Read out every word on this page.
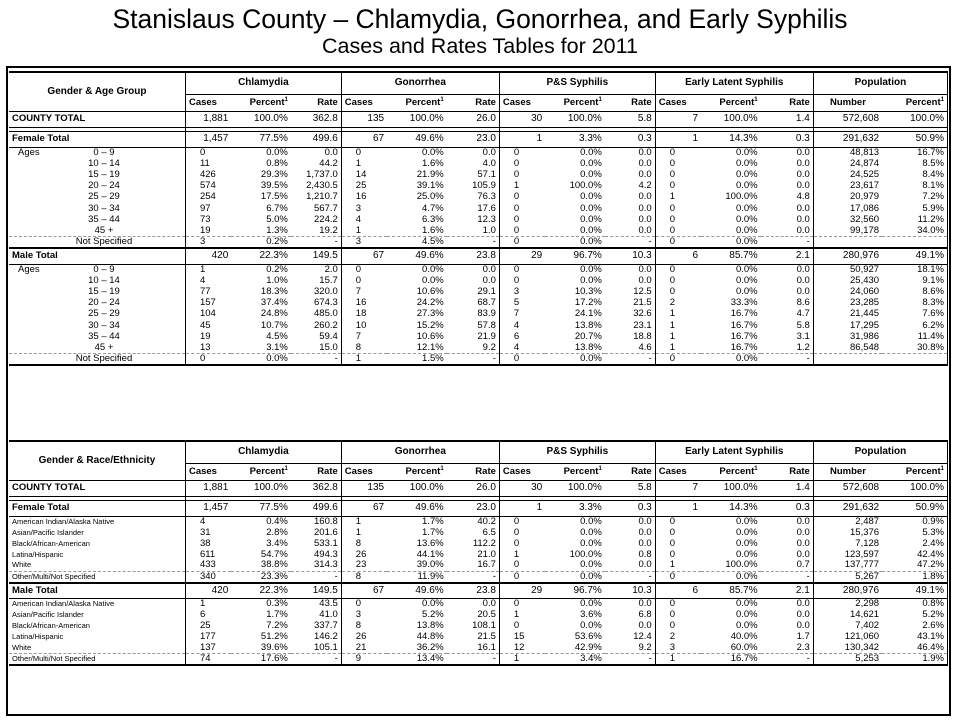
Stanislaus County – Chlamydia, Gonorrhea, and Early Syphilis
Cases and Rates Tables for 2011
Gender & Age Group	Chlamydia			Gonorrhea			P&S Syphilis			Early Latent Syphilis			Population	
	Cases	Percent$^1$	Rate	Cases	Percent$^1$	Rate	Cases	Percent$^1$	Rate	Cases	Percent$^1$	Rate	Number	Percent$^1$
COUNTY TOTAL	1,881	100.0%	362.8	135	100.0%	26.0	30	100.0%	5.8	7	100.0%	1.4	572,608	100.0%

Female Total	1,457	77.5%	499.6	67	49.6%	23.0	1	3.3%	0.3	1	14.3%	0.3	291,632	50.9%
Ages 0 – 9	0	0.0%	0.0	0	0.0%	0.0	0	0.0%	0.0	0	0.0%	0.0	48,813	16.7%
10 – 14	11	0.8%	44.2	1	1.6%	4.0	0	0.0%	0.0	0	0.0%	0.0	24,874	8.5%
15 – 19	426	29.3%	1,737.0	14	21.9%	57.1	0	0.0%	0.0	0	0.0%	0.0	24,525	8.4%
20 – 24	574	39.5%	2,430.5	25	39.1%	105.9	1	100.0%	4.2	0	0.0%	0.0	23,617	8.1%
25 – 29	254	17.5%	1,210.7	16	25.0%	76.3	0	0.0%	0.0	1	100.0%	4.8	20,979	7.2%
30 – 34	97	6.7%	567.7	3	4.7%	17.6	0	0.0%	0.0	0	0.0%	0.0	17,086	5.9%
35 – 44	73	5.0%	224.2	4	6.3%	12.3	0	0.0%	0.0	0	0.0%	0.0	32,560	11.2%
45 +	19	1.3%	19.2	1	1.6%	1.0	0	0.0%	0.0	0	0.0%	0.0	99,178	34.0%
Not Specified	3	0.2%	-	3	4.5%	-	0	0.0%	-	0	0.0%	-		
Male Total	420	22.3%	149.5	67	49.6%	23.8	29	96.7%	10.3	6	85.7%	2.1	280,976	49.1%
Ages 0 – 9	1	0.2%	2.0	0	0.0%	0.0	0	0.0%	0.0	0	0.0%	0.0	50,927	18.1%
10 – 14	4	1.0%	15.7	0	0.0%	0.0	0	0.0%	0.0	0	0.0%	0.0	25,430	9.1%
15 – 19	77	18.3%	320.0	7	10.6%	29.1	3	10.3%	12.5	0	0.0%	0.0	24,060	8.6%
20 – 24	157	37.4%	674.3	16	24.2%	68.7	5	17.2%	21.5	2	33.3%	8.6	23,285	8.3%
25 – 29	104	24.8%	485.0	18	27.3%	83.9	7	24.1%	32.6	1	16.7%	4.7	21,445	7.6%
30 – 34	45	10.7%	260.2	10	15.2%	57.8	4	13.8%	23.1	1	16.7%	5.8	17,295	6.2%
35 – 44	19	4.5%	59.4	7	10.6%	21.9	6	20.7%	18.8	1	16.7%	3.1	31,986	11.4%
45 +	13	3.1%	15.0	8	12.1%	9.2	4	13.8%	4.6	1	16.7%	1.2	86,548	30.8%
Not Specified	0	0.0%	-	1	1.5%	-	0	0.0%	-	0	0.0%	-		
Gender & Race/Ethnicity	Chlamydia			Gonorrhea			P&S Syphilis			Early Latent Syphilis			Population	
	Cases	Percent$^1$	Rate	Cases	Percent$^1$	Rate	Cases	Percent$^1$	Rate	Cases	Percent$^1$	Rate	Number	Percent$^1$
COUNTY TOTAL	1,881	100.0%	362.8	135	100.0%	26.0	30	100.0%	5.8	7	100.0%	1.4	572,608	100.0%

Female Total	1,457	77.5%	499.6	67	49.6%	23.0	1	3.3%	0.3	1	14.3%	0.3	291,632	50.9%
American Indian/Alaska Native	4	0.4%	160.8	1	1.7%	40.2	0	0.0%	0.0	0	0.0%	0.0	2,487	0.9%
Asian/Pacific Islander	31	2.8%	201.6	1	1.7%	6.5	0	0.0%	0.0	0	0.0%	0.0	15,376	5.3%
Black/African-American	38	3.4%	533.1	8	13.6%	112.2	0	0.0%	0.0	0	0.0%	0.0	7,128	2.4%
Latina/Hispanic	611	54.7%	494.3	26	44.1%	21.0	1	100.0%	0.8	0	0.0%	0.0	123,597	42.4%
White	433	38.8%	314.3	23	39.0%	16.7	0	0.0%	0.0	1	100.0%	0.7	137,777	47.2%
Other/Multi/Not Specified	340	23.3%	-	8	11.9%	-	0	0.0%	-	0	0.0%	-	5,267	1.8%
Male Total	420	22.3%	149.5	67	49.6%	23.8	29	96.7%	10.3	6	85.7%	2.1	280,976	49.1%
American Indian/Alaska Native	1	0.3%	43.5	0	0.0%	0.0	0	0.0%	0.0	0	0.0%	0.0	2,298	0.8%
Asian/Pacific Islander	6	1.7%	41.0	3	5.2%	20.5	1	3.6%	6.8	0	0.0%	0.0	14,621	5.2%
Black/African-American	25	7.2%	337.7	8	13.8%	108.1	0	0.0%	0.0	0	0.0%	0.0	7,402	2.6%
Latina/Hispanic	177	51.2%	146.2	26	44.8%	21.5	15	53.6%	12.4	2	40.0%	1.7	121,060	43.1%
White	137	39.6%	105.1	21	36.2%	16.1	12	42.9%	9.2	3	60.0%	2.3	130,342	46.4%
Other/Multi/Not Specified	74	17.6%	-	9	13.4%	-	1	3.4%	-	1	16.7%	-	5,253	1.9%
